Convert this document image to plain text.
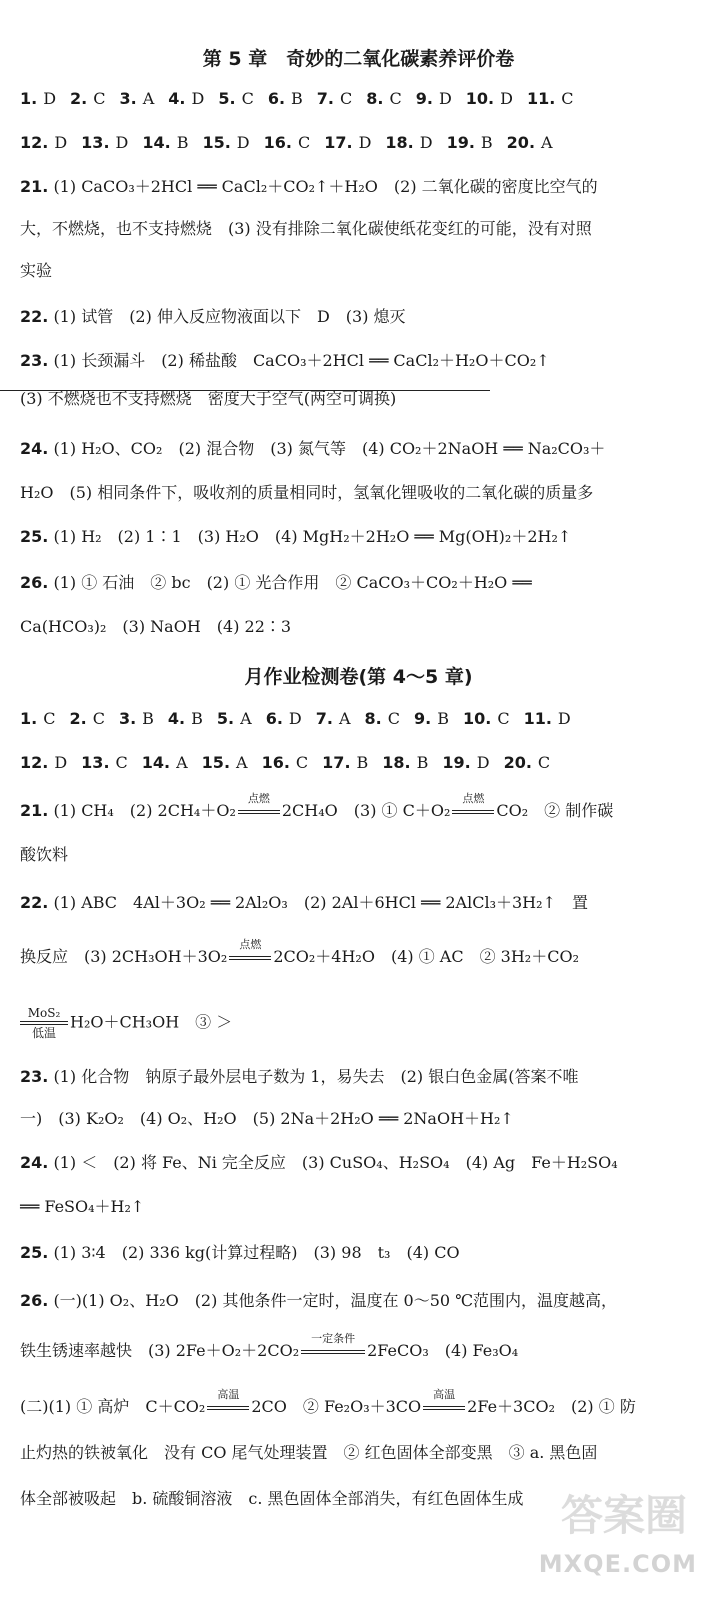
第 5 章　奇妙的二氧化碳素养评价卷
1. D 2. C 3. A 4. D 5. C 6. B 7. C 8. C 9. D 10. D 11. C
12. D 13. D 14. B 15. D 16. C 17. D 18. D 19. B 20. A
21. (1) CaCO₃＋2HCl ══ CaCl₂＋CO₂↑＋H₂O　(2) 二氧化碳的密度比空气的
大，不燃烧，也不支持燃烧　(3) 没有排除二氧化碳使纸花变红的可能，没有对照
实验
22. (1) 试管　(2) 伸入反应物液面以下　D　(3) 熄灭
23. (1) 长颈漏斗　(2) 稀盐酸　CaCO₃＋2HCl ══ CaCl₂＋H₂O＋CO₂↑
(3) 不燃烧也不支持燃烧　密度大于空气(两空可调换)
24. (1) H₂O、CO₂　(2) 混合物　(3) 氮气等　(4) CO₂＋2NaOH ══ Na₂CO₃＋
H₂O　(5) 相同条件下，吸收剂的质量相同时，氢氧化锂吸收的二氧化碳的质量多
25. (1) H₂　(2) 1∶1　(3) H₂O　(4) MgH₂＋2H₂O ══ Mg(OH)₂＋2H₂↑
26. (1) ① 石油　② bc　(2) ① 光合作用　② CaCO₃＋CO₂＋H₂O ══
Ca(HCO₃)₂　(3) NaOH　(4) 22∶3
月作业检测卷(第 4～5 章)
1. C 2. C 3. B 4. B 5. A 6. D 7. A 8. C 9. B 10. C 11. D
12. D 13. C 14. A 15. A 16. C 17. B 18. B 19. D 20. C
21. (1) CH₄　(2) 2CH₄＋O₂
点燃
2CH₄O　(3) ① C＋O₂
点燃
CO₂　② 制作碳
酸饮料
22. (1) ABC　4Al＋3O₂ ══ 2Al₂O₃　(2) 2Al＋6HCl ══ 2AlCl₃＋3H₂↑　置
换反应　(3) 2CH₃OH＋3O₂
点燃
2CO₂＋4H₂O　(4) ① AC　② 3H₂＋CO₂
$\frac{\text{MoS₂}}{\text{低温}} H_2O+CH_3OH$　③ ＞
23. (1) 化合物　钠原子最外层电子数为 1，易失去　(2) 银白色金属(答案不唯
一)　(3) K₂O₂　(4) O₂、H₂O　(5) 2Na＋2H₂O ══ 2NaOH＋H₂↑
24. (1) ＜　(2) 将 Fe、Ni 完全反应　(3) CuSO₄、H₂SO₄　(4) Ag　Fe＋H₂SO₄
══ FeSO₄＋H₂↑
25. (1) 3∶4　(2) 336 kg(计算过程略)　(3) 98　t₃　(4) CO
26. (一)(1) O₂、H₂O　(2) 其他条件一定时，温度在 0～50 ℃范围内，温度越高，
铁生锈速率越快　(3) 2Fe＋O₂＋2CO₂
一定条件
2FeCO₃　(4) Fe₃O₄
(二)(1) ① 高炉　C＋CO₂
高温
2CO　② Fe₂O₃＋3CO
高温
2Fe＋3CO₂　(2) ① 防
止灼热的铁被氧化　没有 CO 尾气处理装置　② 红色固体全部变黑　③ a. 黑色固
体全部被吸起　b. 硫酸铜溶液　c. 黑色固体全部消失，有红色固体生成 答案圈
MXQE.COM
